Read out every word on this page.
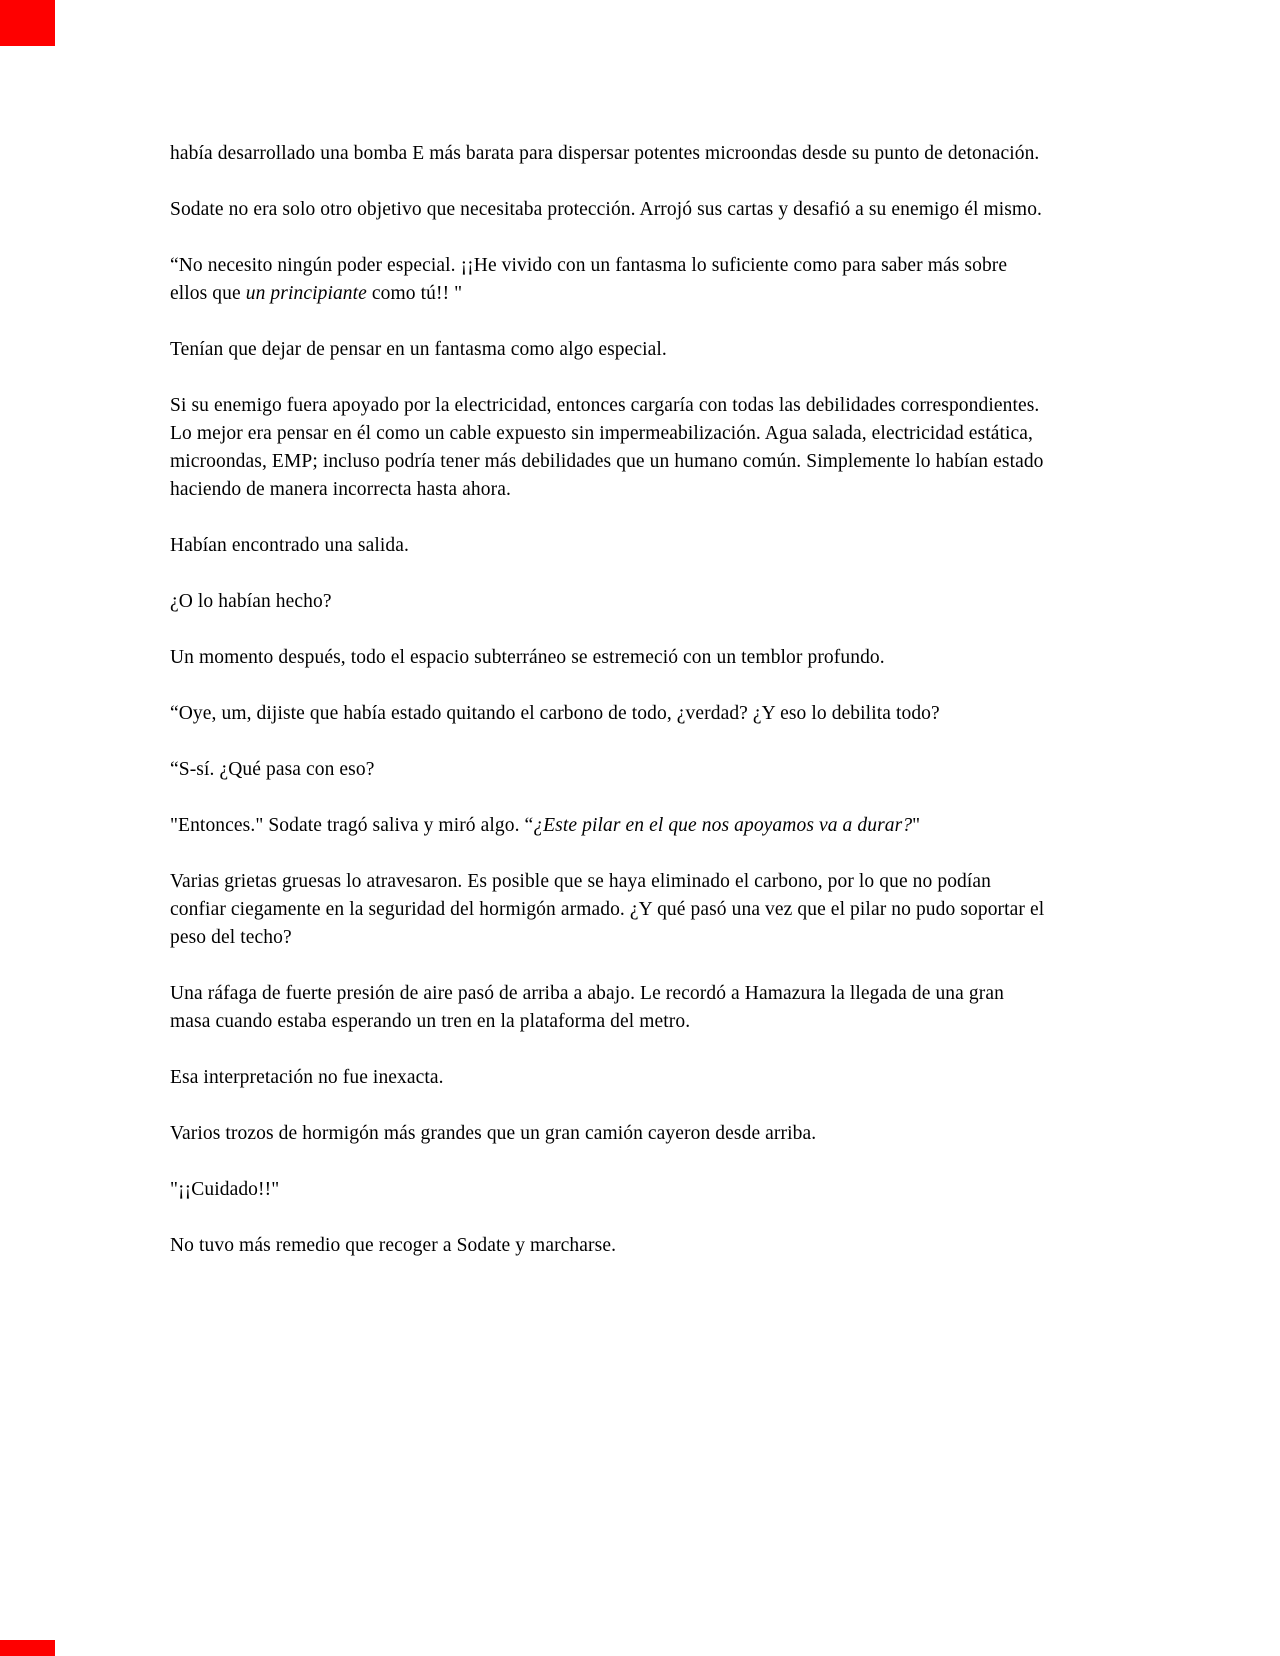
había desarrollado una bomba E más barata para dispersar potentes microondas desde su punto de detonación.

Sodate no era solo otro objetivo que necesitaba protección. Arrojó sus cartas y desafió a su enemigo él mismo.

“No necesito ningún poder especial. ¡¡He vivido con un fantasma lo suficiente como para saber más sobre ellos que un principiante como tú!! "

Tenían que dejar de pensar en un fantasma como algo especial.

Si su enemigo fuera apoyado por la electricidad, entonces cargaría con todas las debilidades correspondientes. Lo mejor era pensar en él como un cable expuesto sin impermeabilización. Agua salada, electricidad estática, microondas, EMP; incluso podría tener más debilidades que un humano común. Simplemente lo habían estado haciendo de manera incorrecta hasta ahora.

Habían encontrado una salida.

¿O lo habían hecho?

Un momento después, todo el espacio subterráneo se estremeció con un temblor profundo.

“Oye, um, dijiste que había estado quitando el carbono de todo, ¿verdad? ¿Y eso lo debilita todo?

“S-sí. ¿Qué pasa con eso?

"Entonces." Sodate tragó saliva y miró algo. “¿Este pilar en el que nos apoyamos va a durar?"

Varias grietas gruesas lo atravesaron. Es posible que se haya eliminado el carbono, por lo que no podían confiar ciegamente en la seguridad del hormigón armado. ¿Y qué pasó una vez que el pilar no pudo soportar el peso del techo?

Una ráfaga de fuerte presión de aire pasó de arriba a abajo. Le recordó a Hamazura la llegada de una gran masa cuando estaba esperando un tren en la plataforma del metro.

Esa interpretación no fue inexacta.

Varios trozos de hormigón más grandes que un gran camión cayeron desde arriba.

"¡¡Cuidado!!"

No tuvo más remedio que recoger a Sodate y marcharse.
